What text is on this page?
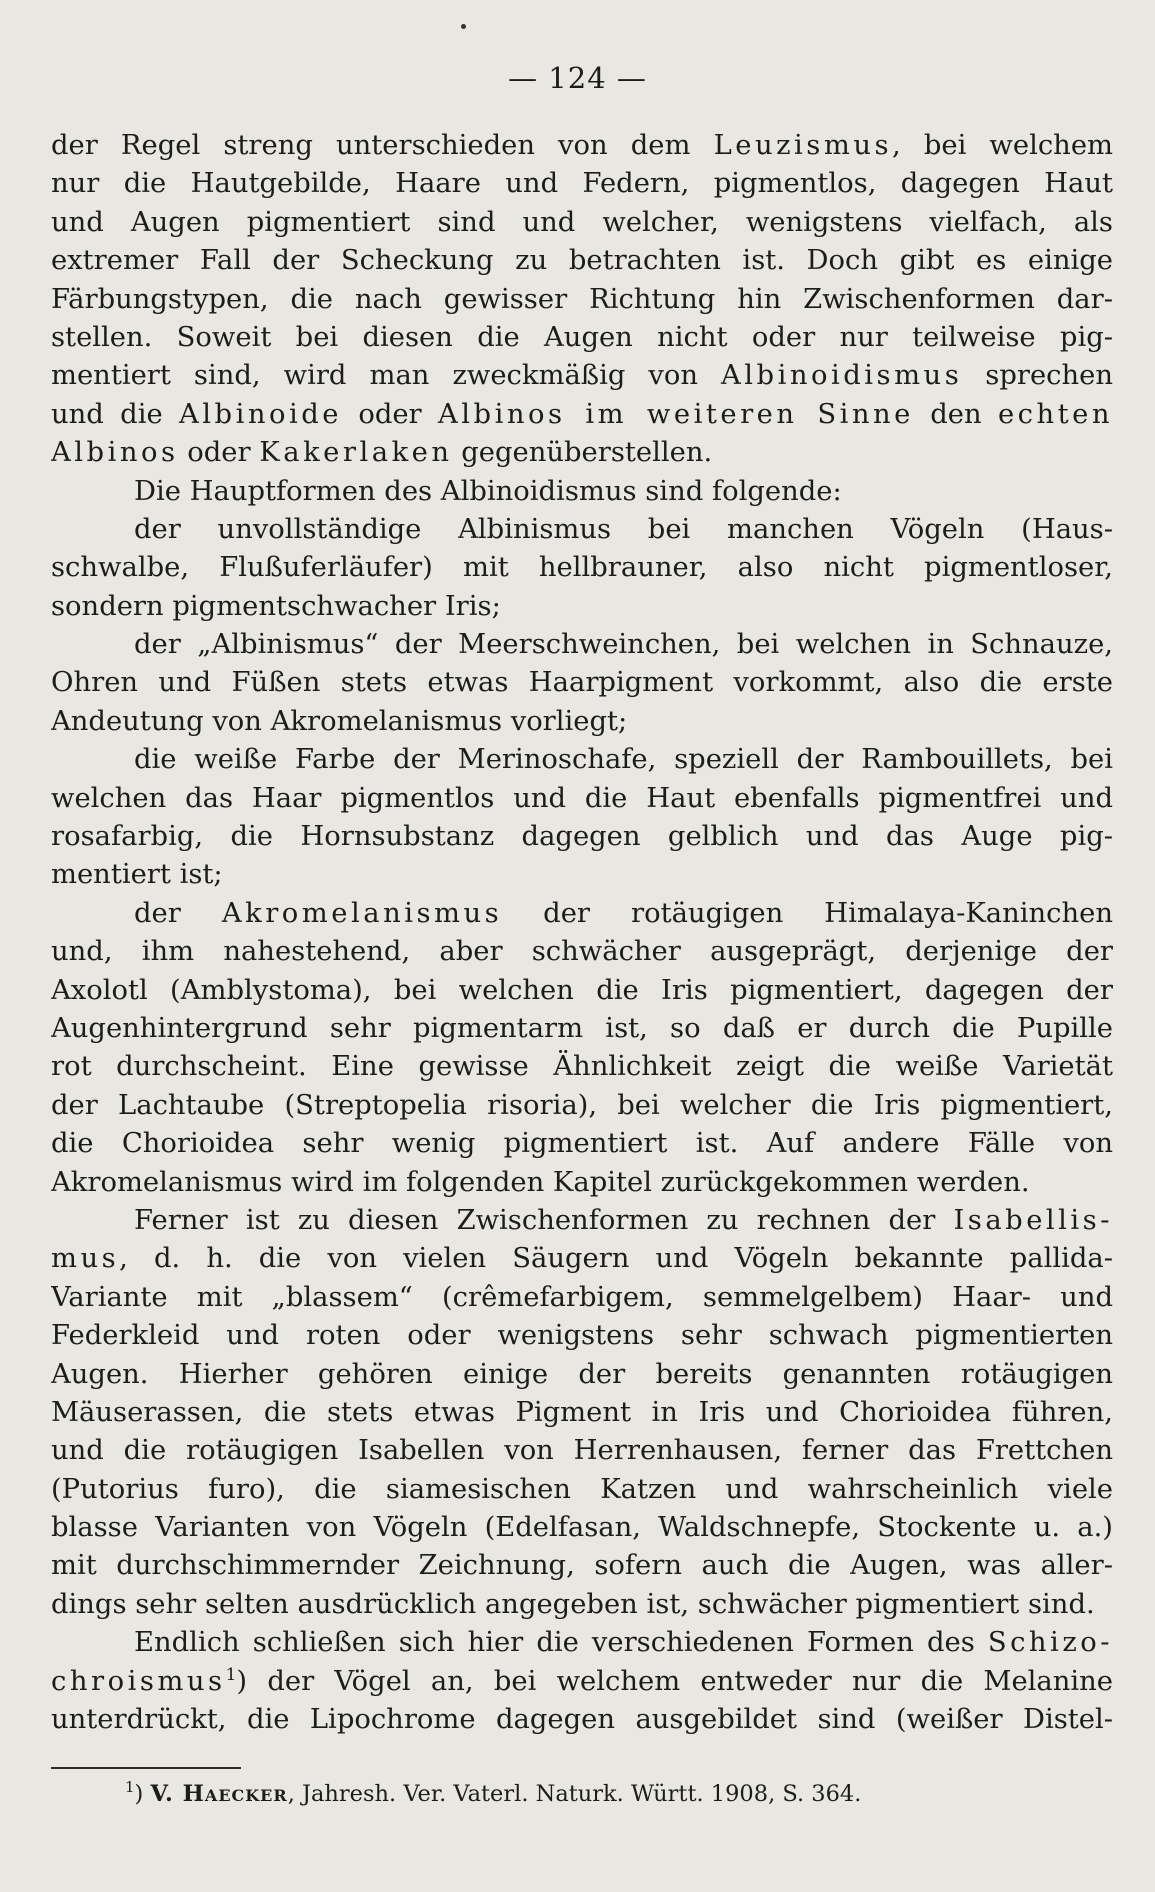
— 124 —
der Regel streng unterschieden von dem Leuzismus, bei welchem
nur die Hautgebilde, Haare und Federn, pigmentlos, dagegen Haut
und Augen pigmentiert sind und welcher, wenigstens vielfach, als
extremer Fall der Scheckung zu betrachten ist. Doch gibt es einige
Färbungstypen, die nach gewisser Richtung hin Zwischenformen dar-
stellen. Soweit bei diesen die Augen nicht oder nur teilweise pig-
mentiert sind, wird man zweckmäßig von Albinoidismus sprechen
und die Albinoide oder Albinos im weiteren Sinne den echten
Albinos oder Kakerlaken gegenüberstellen.
Die Hauptformen des Albinoidismus sind folgende:
der unvollständige Albinismus bei manchen Vögeln (Haus-
schwalbe, Flußuferläufer) mit hellbrauner, also nicht pigmentloser,
sondern pigmentschwacher Iris;
der „Albinismus“ der Meerschweinchen, bei welchen in Schnauze,
Ohren und Füßen stets etwas Haarpigment vorkommt, also die erste
Andeutung von Akromelanismus vorliegt;
die weiße Farbe der Merinoschafe, speziell der Rambouillets, bei
welchen das Haar pigmentlos und die Haut ebenfalls pigmentfrei und
rosafarbig, die Hornsubstanz dagegen gelblich und das Auge pig-
mentiert ist;
der Akromelanismus der rotäugigen Himalaya-Kaninchen
und, ihm nahestehend, aber schwächer ausgeprägt, derjenige der
Axolotl (Amblystoma), bei welchen die Iris pigmentiert, dagegen der
Augenhintergrund sehr pigmentarm ist, so daß er durch die Pupille
rot durchscheint. Eine gewisse Ähnlichkeit zeigt die weiße Varietät
der Lachtaube (Streptopelia risoria), bei welcher die Iris pigmentiert,
die Chorioidea sehr wenig pigmentiert ist. Auf andere Fälle von
Akromelanismus wird im folgenden Kapitel zurückgekommen werden.
Ferner ist zu diesen Zwischenformen zu rechnen der Isabellis-
mus, d. h. die von vielen Säugern und Vögeln bekannte pallida-
Variante mit „blassem“ (crêmefarbigem, semmelgelbem) Haar- und
Federkleid und roten oder wenigstens sehr schwach pigmentierten
Augen. Hierher gehören einige der bereits genannten rotäugigen
Mäuserassen, die stets etwas Pigment in Iris und Chorioidea führen,
und die rotäugigen Isabellen von Herrenhausen, ferner das Frettchen
(Putorius furo), die siamesischen Katzen und wahrscheinlich viele
blasse Varianten von Vögeln (Edelfasan, Waldschnepfe, Stockente u. a.)
mit durchschimmernder Zeichnung, sofern auch die Augen, was aller-
dings sehr selten ausdrücklich angegeben ist, schwächer pigmentiert sind.
Endlich schließen sich hier die verschiedenen Formen des Schizo-
chroismus$^1$) der Vögel an, bei welchem entweder nur die Melanine
unterdrückt, die Lipochrome dagegen ausgebildet sind (weißer Distel-
$^1$) V. Haecker, Jahresh. Ver. Vaterl. Naturk. Württ. 1908, S. 364.
